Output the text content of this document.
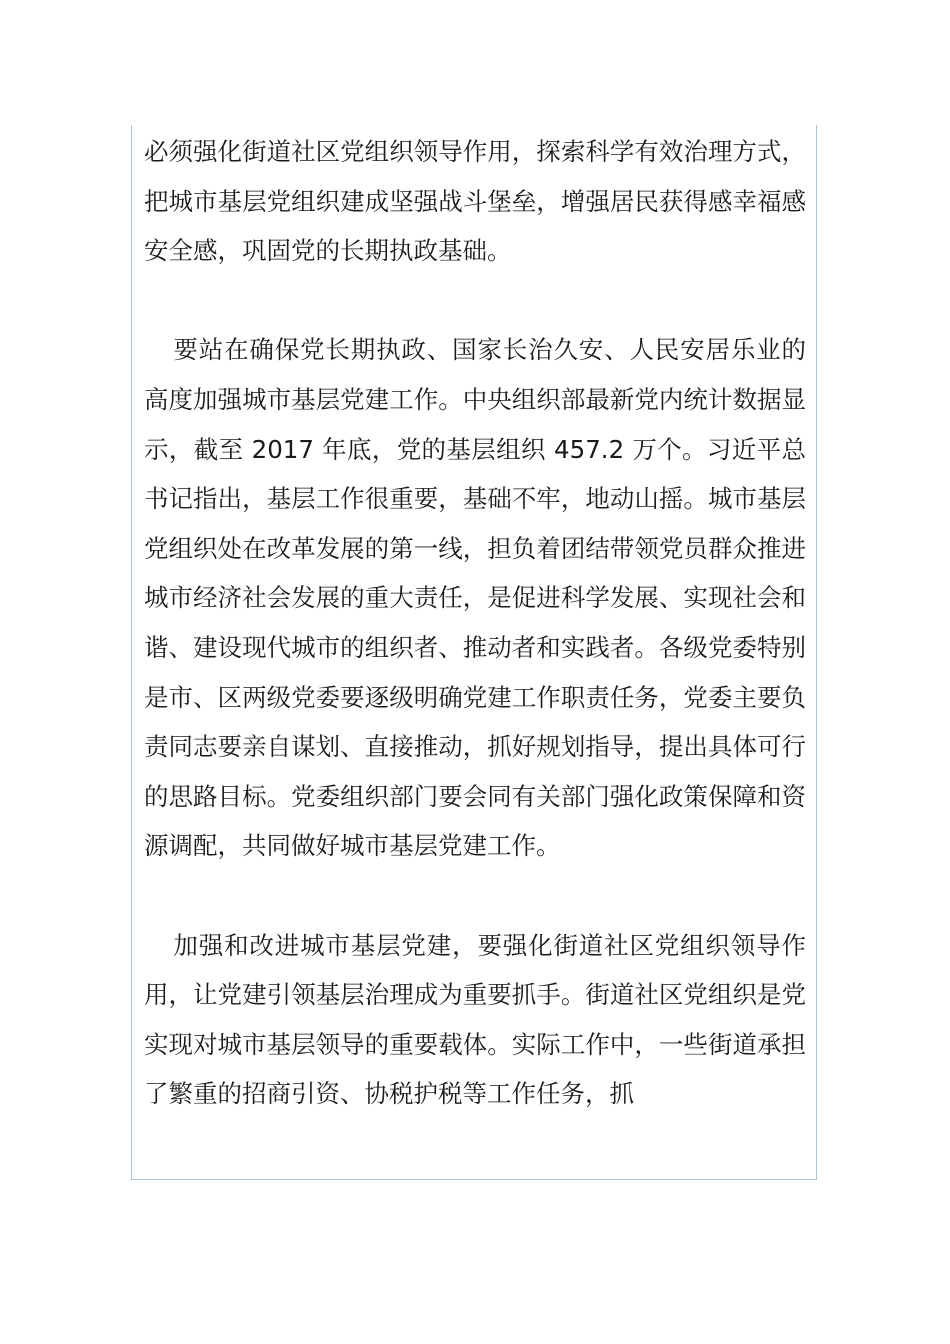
必须强化街道社区党组织领导作用，探索科学有效治理方式，把城市基层党组织建成坚强战斗堡垒，增强居民获得感幸福感安全感，巩固党的长期执政基础。

要站在确保党长期执政、国家长治久安、人民安居乐业的高度加强城市基层党建工作。中央组织部最新党内统计数据显示，截至 2017 年底，党的基层组织 457.2 万个。习近平总书记指出，基层工作很重要，基础不牢，地动山摇。城市基层党组织处在改革发展的第一线，担负着团结带领党员群众推进城市经济社会发展的重大责任，是促进科学发展、实现社会和谐、建设现代城市的组织者、推动者和实践者。各级党委特别是市、区两级党委要逐级明确党建工作职责任务，党委主要负责同志要亲自谋划、直接推动，抓好规划指导，提出具体可行的思路目标。党委组织部门要会同有关部门强化政策保障和资源调配，共同做好城市基层党建工作。

加强和改进城市基层党建，要强化街道社区党组织领导作用，让党建引领基层治理成为重要抓手。街道社区党组织是党实现对城市基层领导的重要载体。实际工作中，一些街道承担了繁重的招商引资、协税护税等工作任务，抓
